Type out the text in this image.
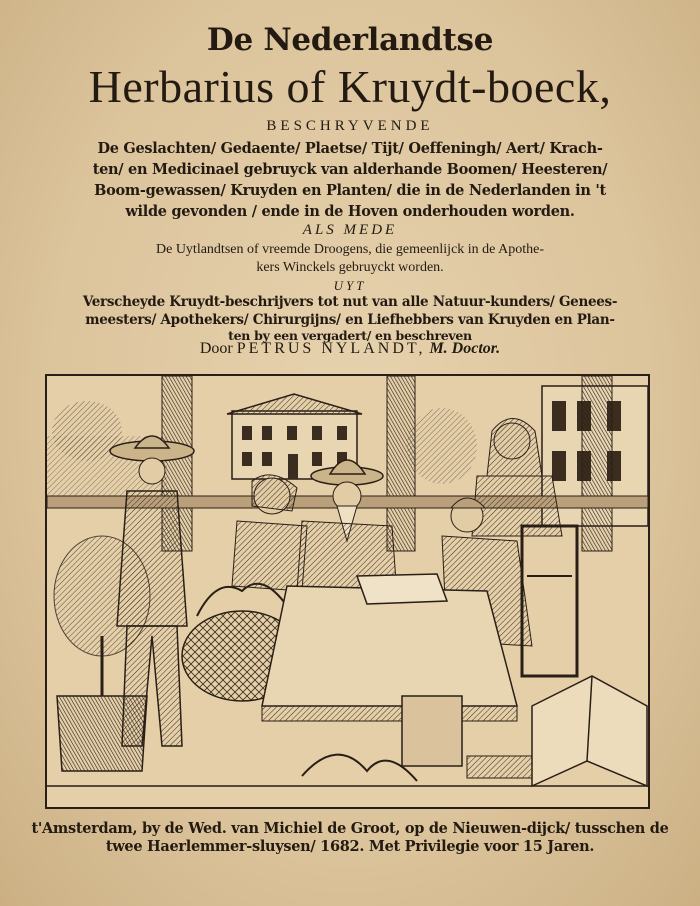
De Nederlandtse
Herbarius of Kruydt-boeck,
BESCHRYVENDE
De Geslachten/ Gedaente/ Plaetse/ Tijt/ Oeffeningh/ Aert/ Krach-
ten/ en Medicinael gebruyck van alderhande Boomen/ Heesteren/
Boom-gewassen/ Kruyden en Planten/ die in de Nederlanden in 't
wilde gevonden / ende in de Hoven onderhouden worden.
ALS MEDE
De Uytlandtsen of vreemde Droogens, die gemeenlijck in de Apothe-
kers Winckels gebruyckt worden.
UYT
Verscheyde Kruydt-beschrijvers tot nut van alle Natuur-kunders/ Genees-
meesters/ Apothekers/ Chirurgijns/ en Liefhebbers van Kruyden en Plan-
ten by een vergadert/ en beschreven
Door PETRUS NYLANDT, M. Doctor.
t'Amsterdam, by de Wed. van Michiel de Groot, op de Nieuwen-dijck/ tusschen de
twee Haerlemmer-sluysen/ 1682. Met Privilegie voor 15 Jaren.
